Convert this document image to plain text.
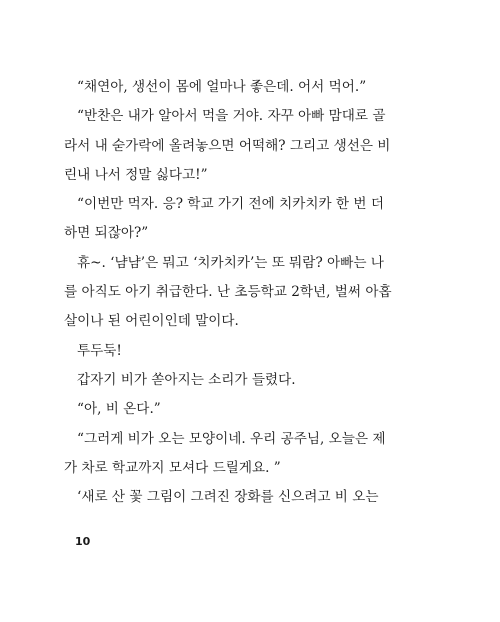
“채연아, 생선이 몸에 얼마나 좋은데. 어서 먹어.”
“반찬은 내가 알아서 먹을 거야. 자꾸 아빠 맘대로 골
라서 내 숟가락에 올려놓으면 어떡해? 그리고 생선은 비
린내 나서 정말 싫다고!”
“이번만 먹자. 응? 학교 가기 전에 치카치카 한 번 더
하면 되잖아?”
휴~. ‘냠냠’은 뭐고 ‘치카치카’는 또 뭐람? 아빠는 나
를 아직도 아기 취급한다. 난 초등학교 2학년, 벌써 아홉
살이나 된 어린이인데 말이다.
투두둑!
갑자기 비가 쏟아지는 소리가 들렸다.
“아, 비 온다.”
“그러게 비가 오는 모양이네. 우리 공주님, 오늘은 제
가 차로 학교까지 모셔다 드릴게요. ”
‘새로 산 꽃 그림이 그려진 장화를 신으려고 비 오는
10
